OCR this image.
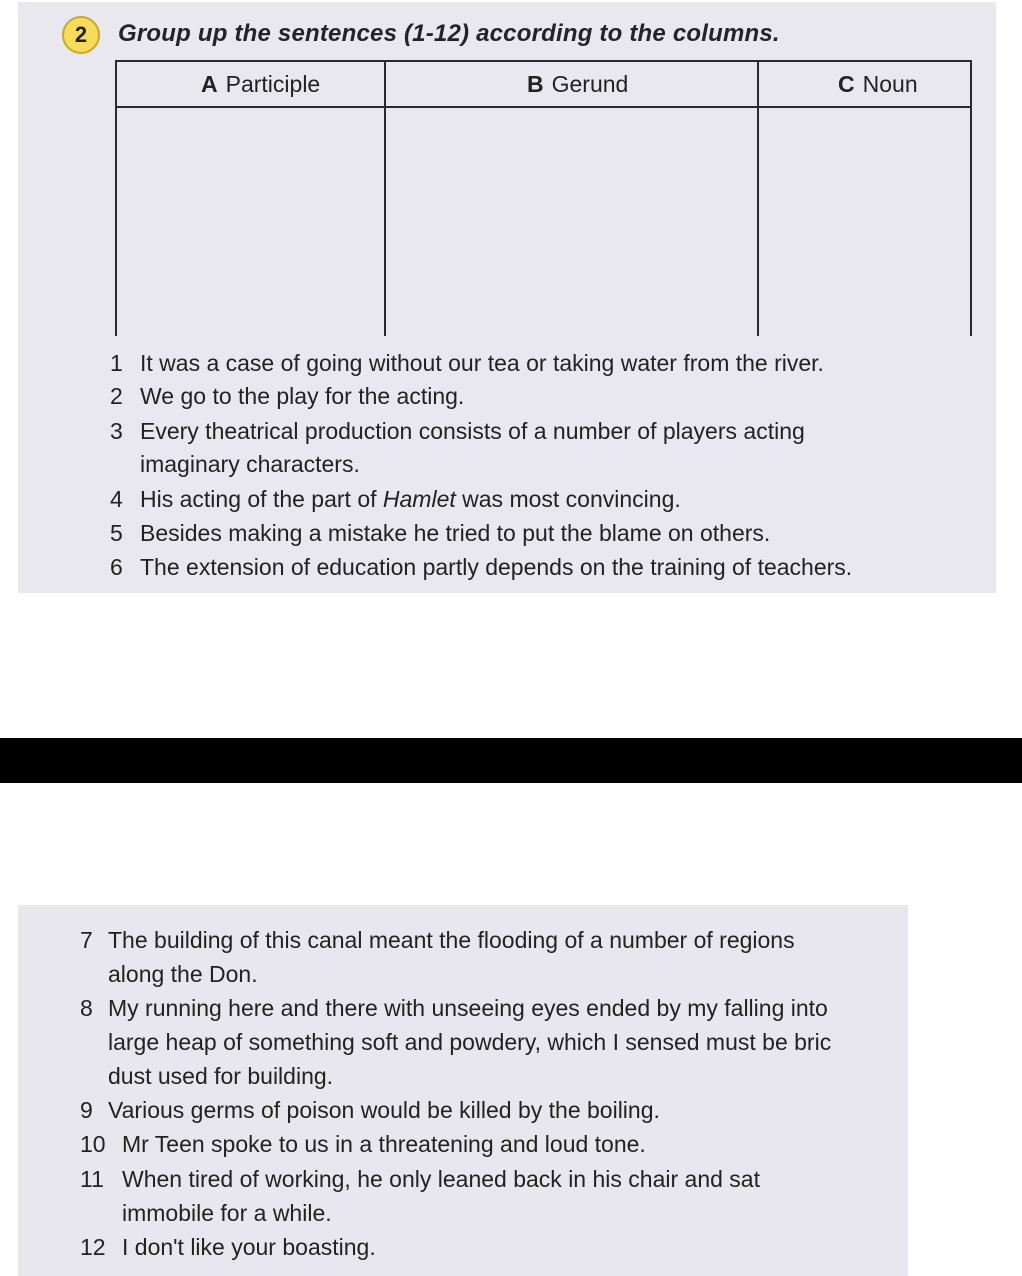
2	Group up the sentences (1-12) according to the columns.
A Participle	B Gerund	C Noun
1 It was a case of going without our tea or taking water from the river.
2 We go to the play for the acting.
3 Every theatrical production consists of a number of players acting
imaginary characters.
4 His acting of the part of Hamlet was most convincing.
5 Besides making a mistake he tried to put the blame on others.
6 The extension of education partly depends on the training of teachers.
7 The building of this canal meant the flooding of a number of regions
along the Don.
8 My running here and there with unseeing eyes ended by my falling into
large heap of something soft and powdery, which I sensed must be bric
dust used for building.
9 Various germs of poison would be killed by the boiling.
10 Mr Teen spoke to us in a threatening and loud tone.
11 When tired of working, he only leaned back in his chair and sat
immobile for a while.
12 I don't like your boasting.
